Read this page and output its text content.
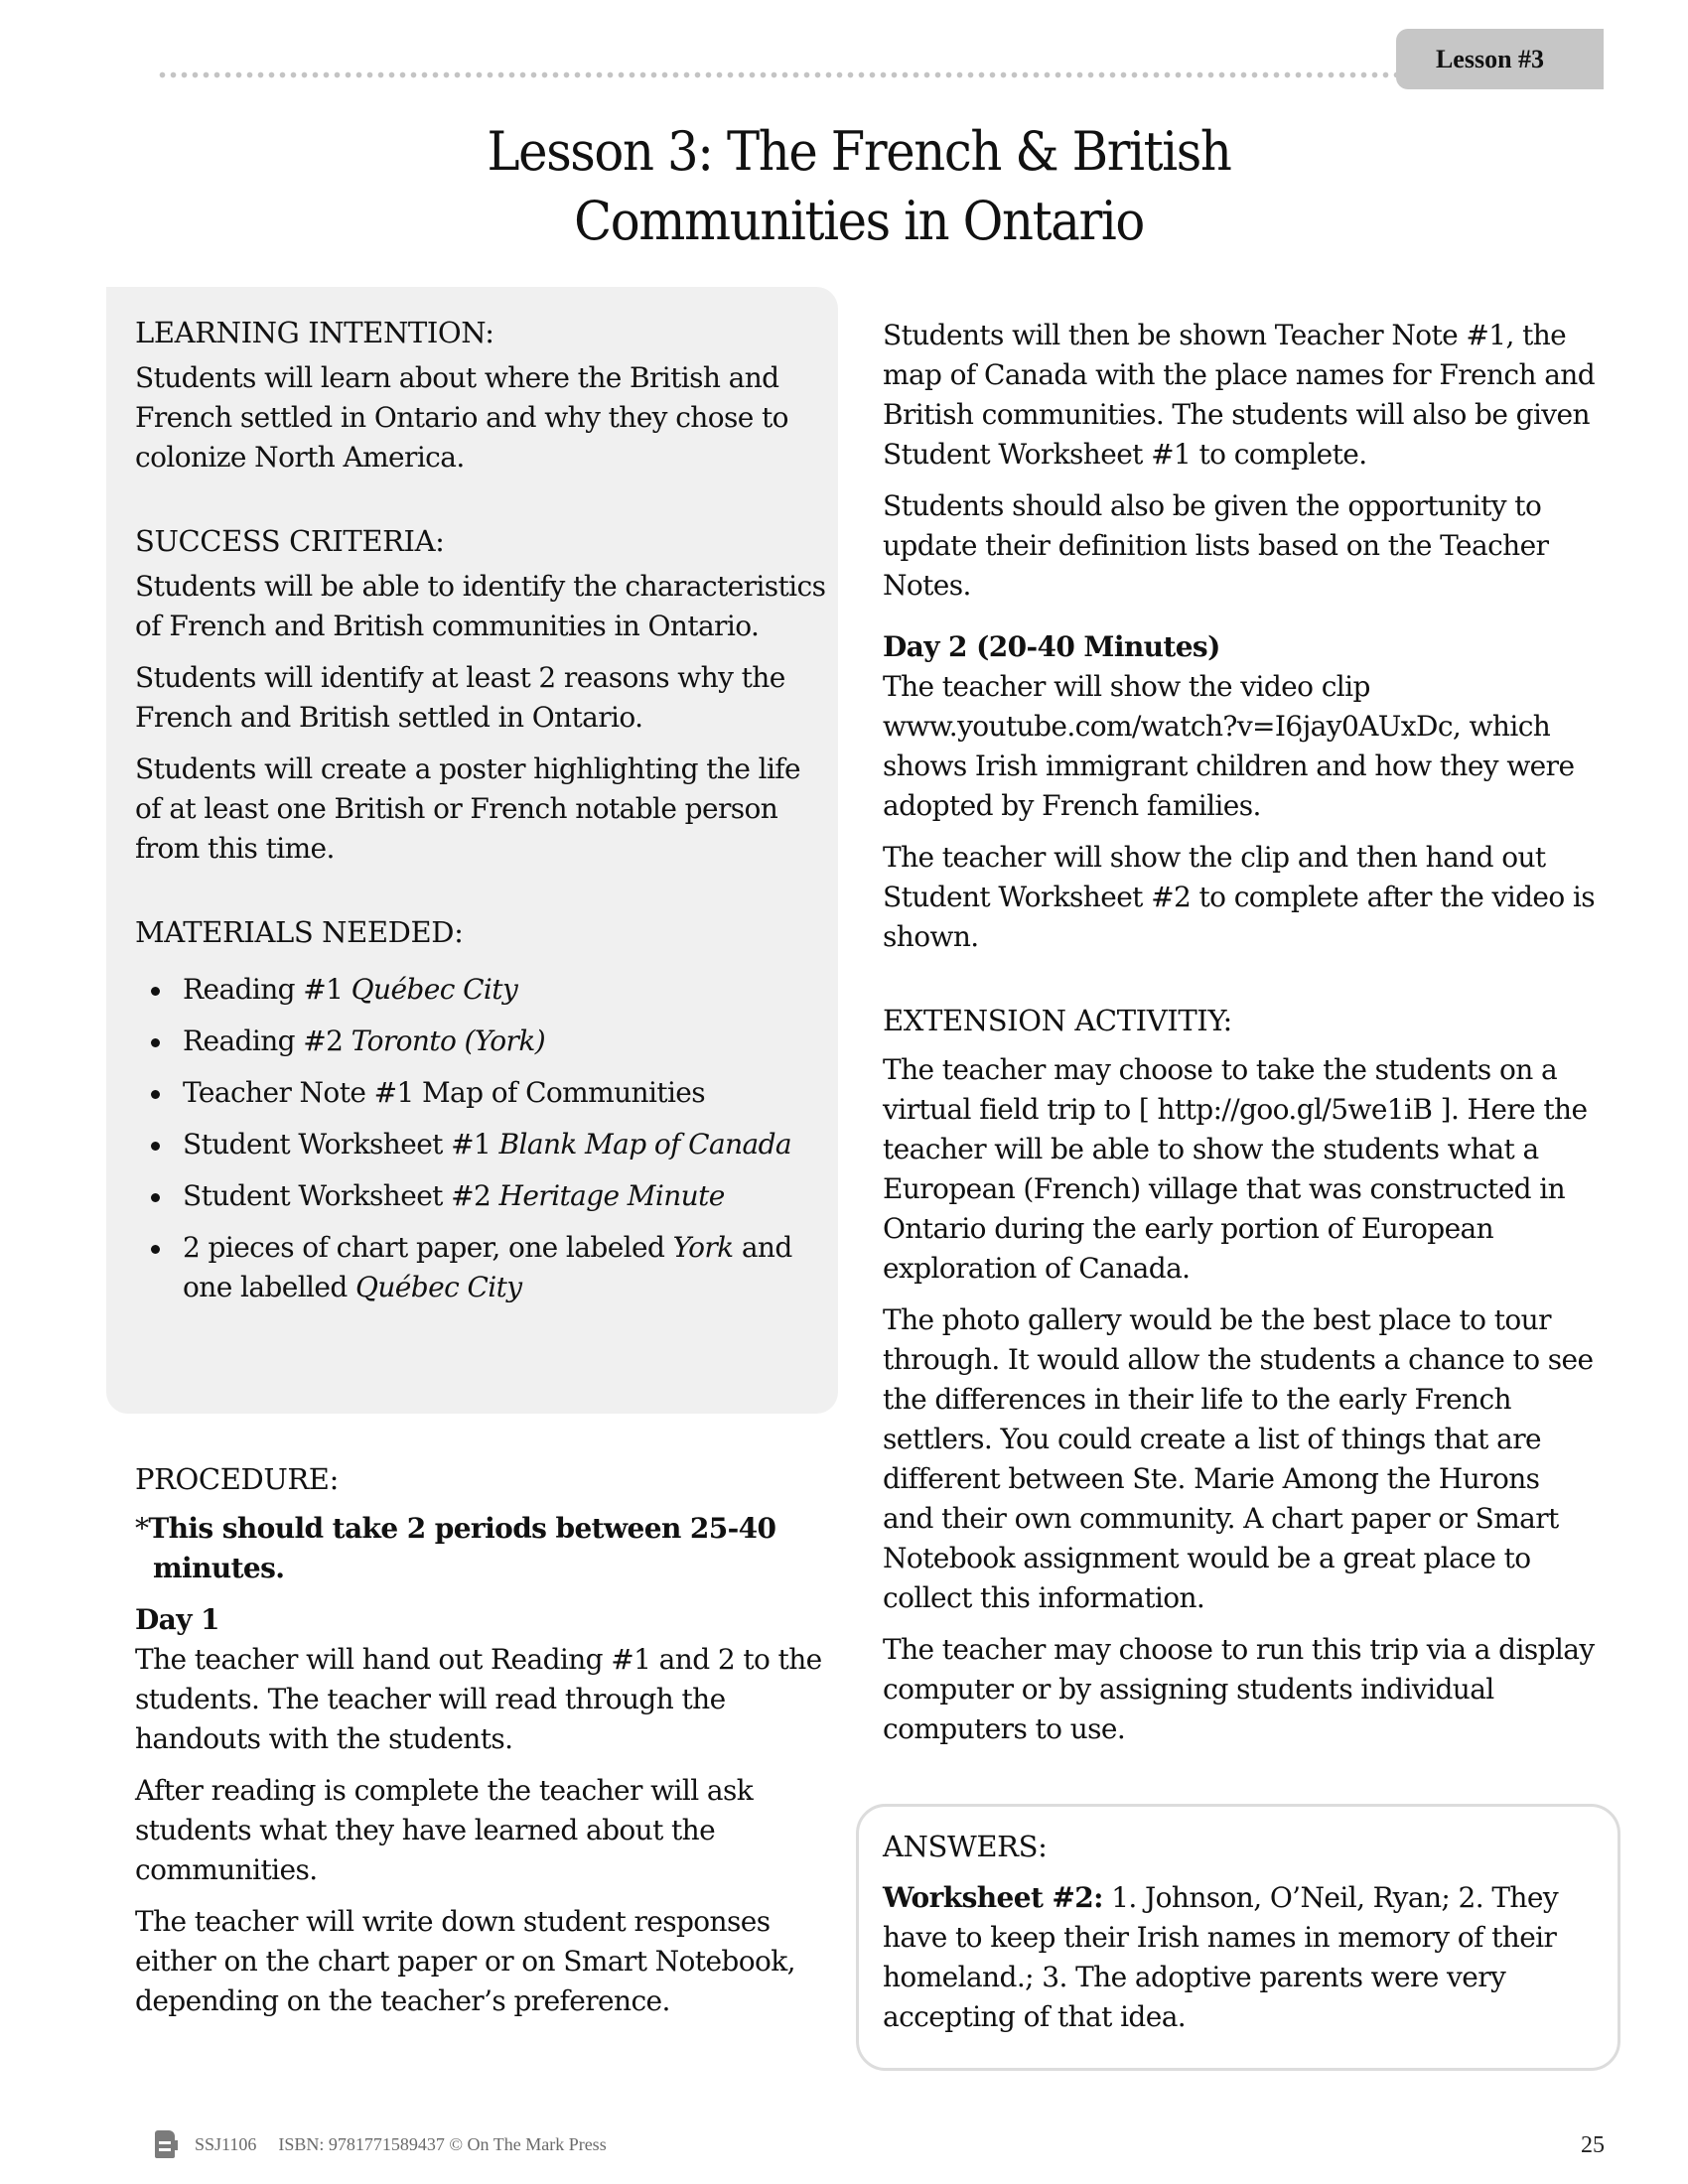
Lesson #3
Lesson 3: The French & British
Communities in Ontario
LEARNING INTENTION:

Students will learn about where the British and French settled in Ontario and why they chose to colonize North America.

SUCCESS CRITERIA:

Students will be able to identify the characteristics of French and British communities in Ontario.

Students will identify at least 2 reasons why the French and British settled in Ontario.

Students will create a poster highlighting the life of at least one British or French notable person from this time.

MATERIALS NEEDED:
Reading #1 Québec City
Reading #2 Toronto (York)
Teacher Note #1 Map of Communities
Student Worksheet #1 Blank Map of Canada
Student Worksheet #2 Heritage Minute
2 pieces of chart paper, one labeled York and one labelled Québec City
PROCEDURE:

*This should take 2 periods between 25-40 minutes.

Day 1

The teacher will hand out Reading #1 and 2 to the students. The teacher will read through the handouts with the students.

After reading is complete the teacher will ask students what they have learned about the communities.

The teacher will write down student responses either on the chart paper or on Smart Notebook, depending on the teacher’s preference.

Students will then be shown Teacher Note #1, the map of Canada with the place names for French and British communities. The students will also be given Student Worksheet #1 to complete.

Students should also be given the opportunity to update their definition lists based on the Teacher Notes.

Day 2 (20-40 Minutes)

The teacher will show the video clip www.youtube.com/watch?v=I6jay0AUxDc, which shows Irish immigrant children and how they were adopted by French families.

The teacher will show the clip and then hand out Student Worksheet #2 to complete after the video is shown.

EXTENSION ACTIVITIY:

The teacher may choose to take the students on a virtual field trip to [ http://goo.gl/5we1iB ]. Here the teacher will be able to show the students what a European (French) village that was constructed in Ontario during the early portion of European exploration of Canada.

The photo gallery would be the best place to tour through. It would allow the students a chance to see the differences in their life to the early French settlers. You could create a list of things that are different between Ste. Marie Among the Hurons and their own community. A chart paper or Smart Notebook assignment would be a great place to collect this information.

The teacher may choose to run this trip via a display computer or by assigning students individual computers to use.

ANSWERS:

Worksheet #2: 1. Johnson, O’Neil, Ryan; 2. They have to keep their Irish names in memory of their homeland.; 3. The adoptive parents were very accepting of that idea.

SSJ1106 ISBN: 9781771589437 © On The Mark Press	25
